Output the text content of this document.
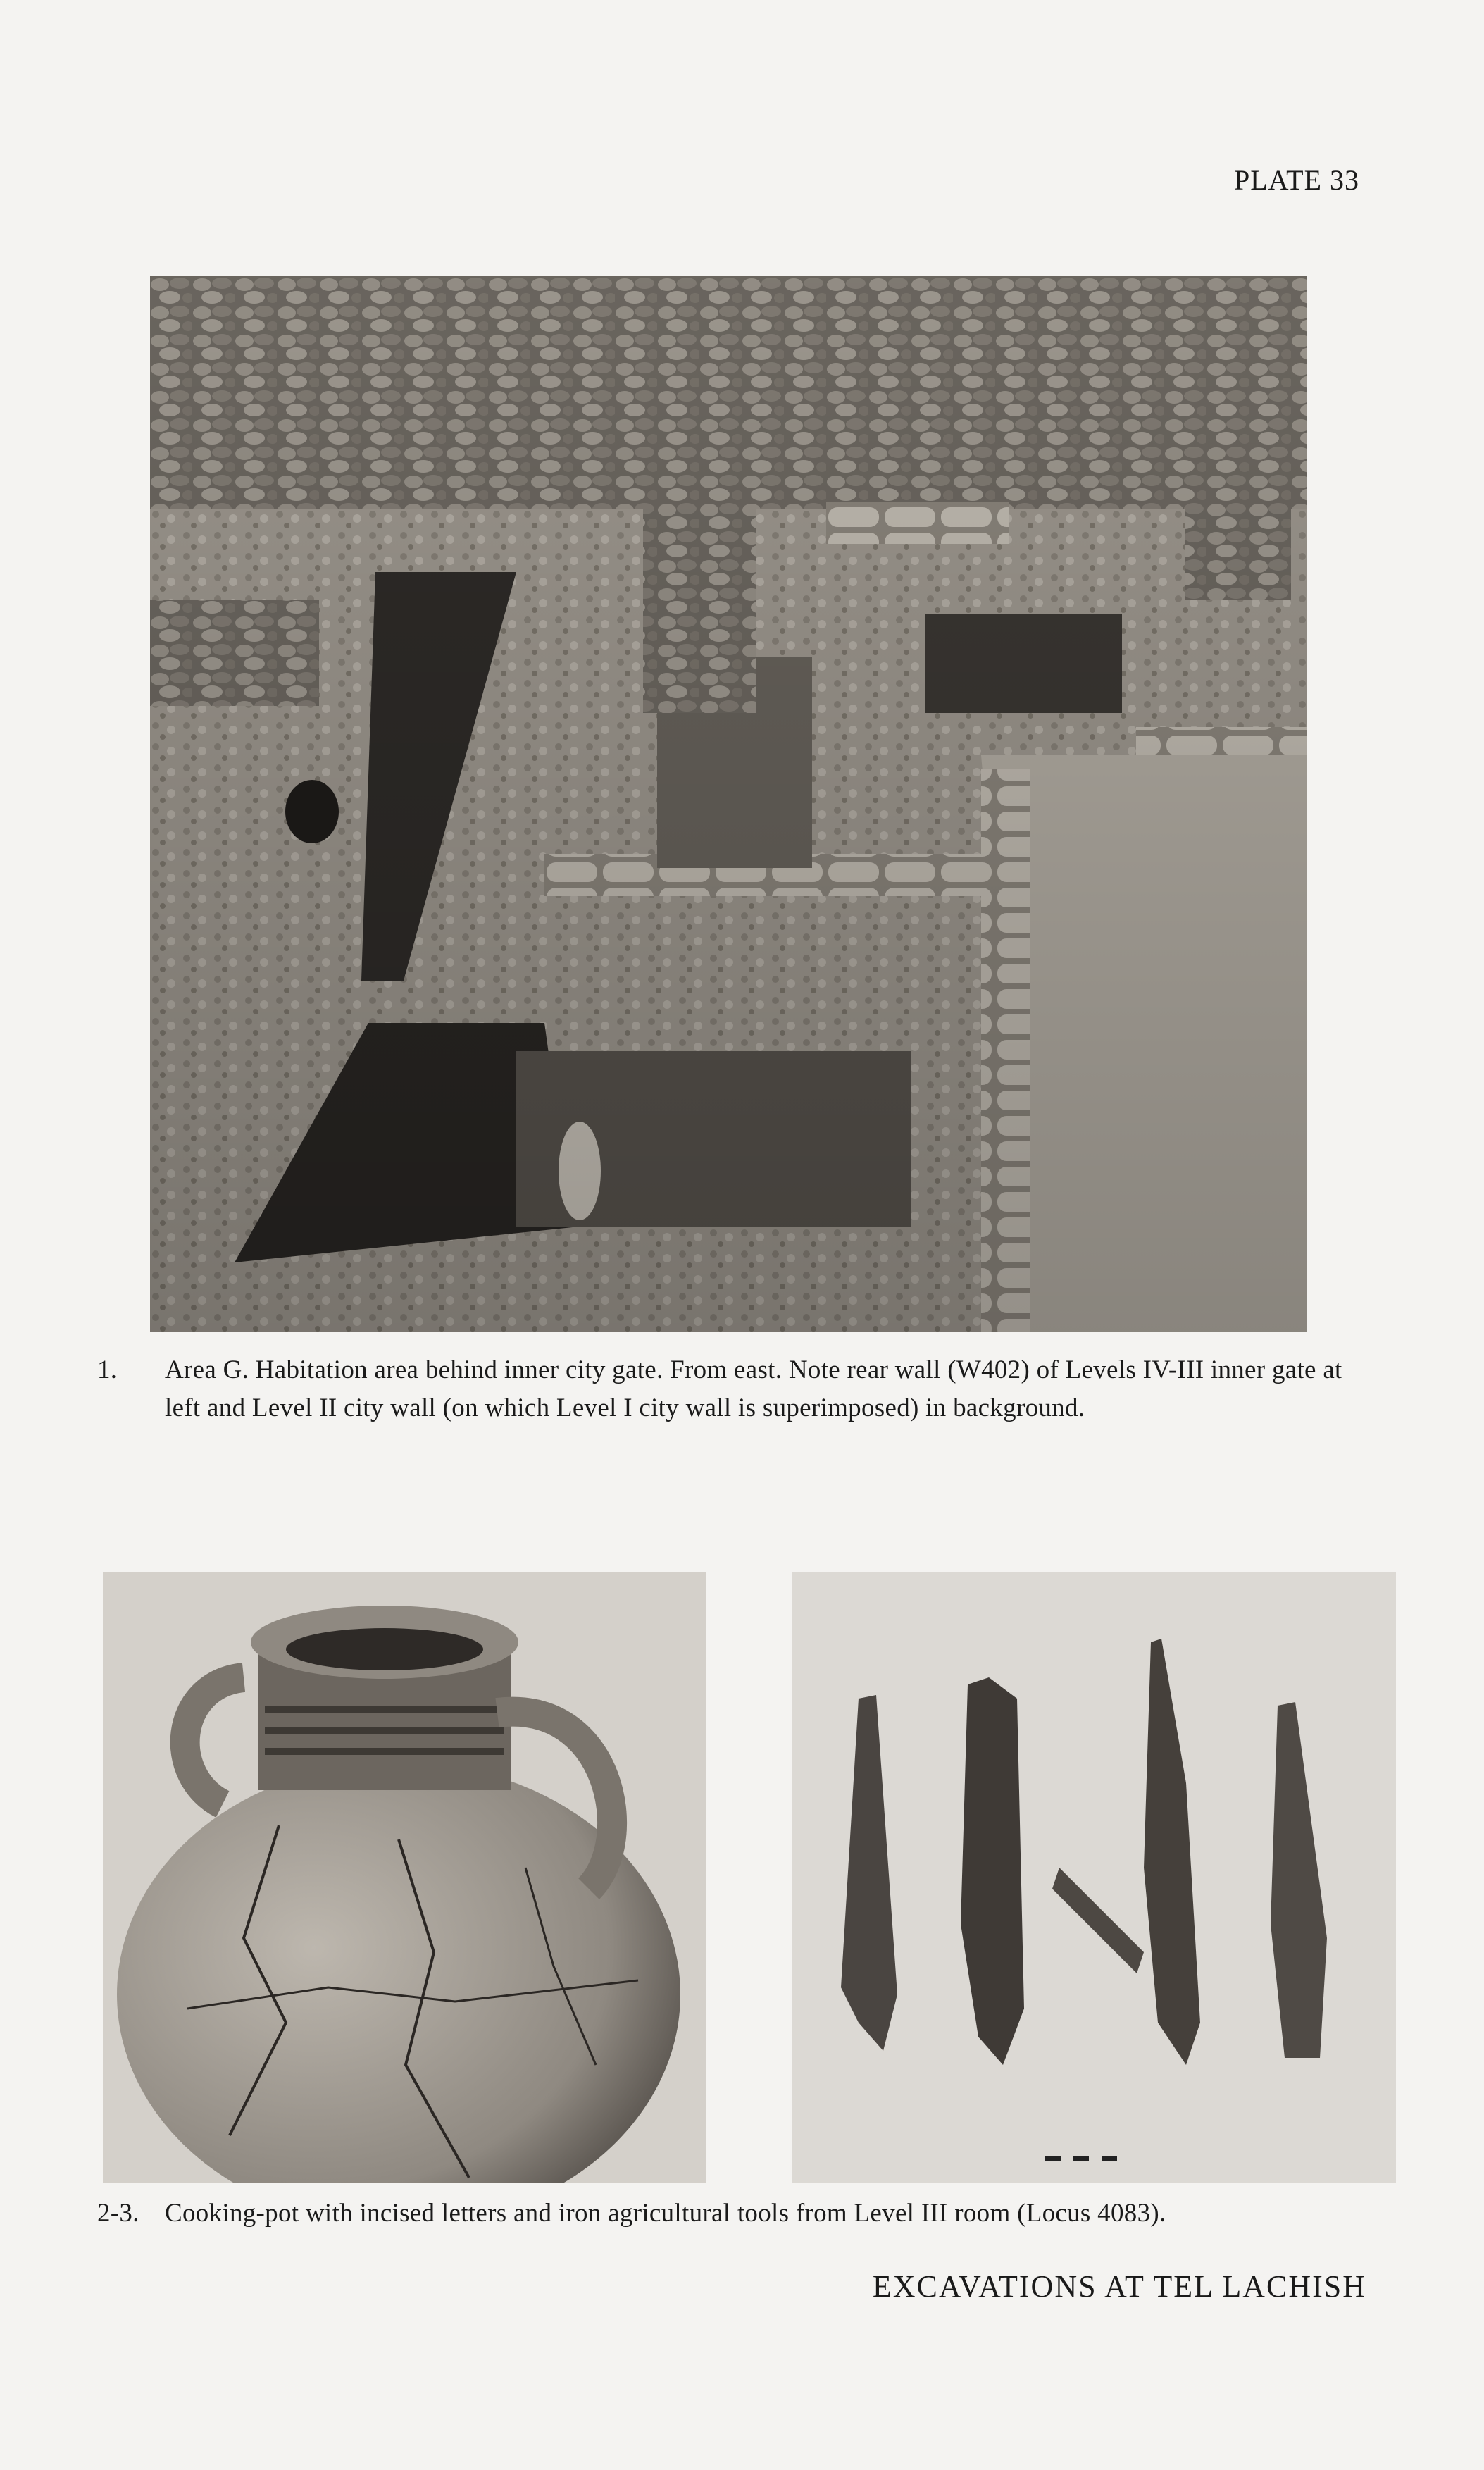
PLATE 33
1. Area G. Habitation area behind inner city gate. From east. Note rear wall (W402) of Levels IV-III inner gate at left and Level II city wall (on which Level I city wall is superimposed) in background.
2-3. Cooking-pot with incised letters and iron agricultural tools from Level III room (Locus 4083).
EXCAVATIONS AT TEL LACHISH
